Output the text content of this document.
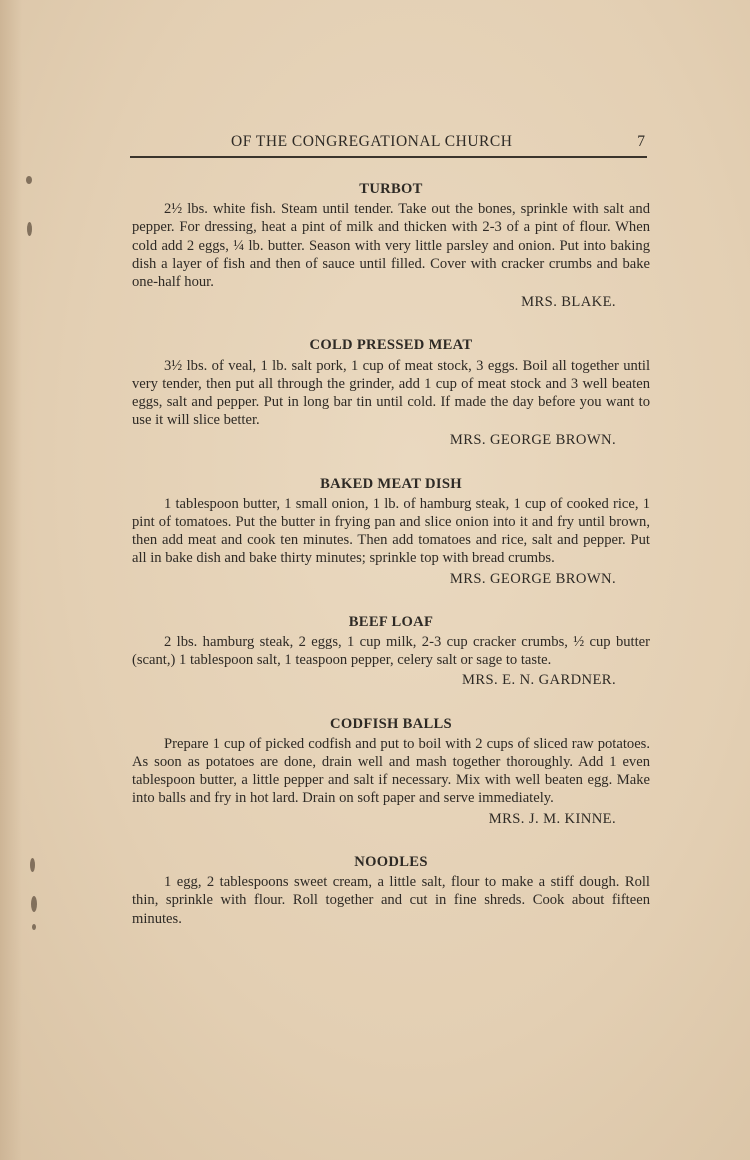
OF THE CONGREGATIONAL CHURCH	7

TURBOT

2½ lbs. white fish. Steam until tender. Take out the bones, sprinkle with salt and pepper. For dressing, heat a pint of milk and thicken with 2-3 of a pint of flour. When cold add 2 eggs, ¼ lb. butter. Season with very little parsley and onion. Put into baking dish a layer of fish and then of sauce until filled. Cover with cracker crumbs and bake one-half hour.

MRS. BLAKE.

COLD PRESSED MEAT

3½ lbs. of veal, 1 lb. salt pork, 1 cup of meat stock, 3 eggs. Boil all together until very tender, then put all through the grinder, add 1 cup of meat stock and 3 well beaten eggs, salt and pepper. Put in long bar tin until cold. If made the day before you want to use it will slice better.

MRS. GEORGE BROWN.

BAKED MEAT DISH

1 tablespoon butter, 1 small onion, 1 lb. of hamburg steak, 1 cup of cooked rice, 1 pint of tomatoes. Put the butter in frying pan and slice onion into it and fry until brown, then add meat and cook ten minutes. Then add tomatoes and rice, salt and pepper. Put all in bake dish and bake thirty minutes; sprinkle top with bread crumbs.

MRS. GEORGE BROWN.

BEEF LOAF

2 lbs. hamburg steak, 2 eggs, 1 cup milk, 2-3 cup cracker crumbs, ½ cup butter (scant,) 1 tablespoon salt, 1 teaspoon pepper, celery salt or sage to taste.

MRS. E. N. GARDNER.

CODFISH BALLS

Prepare 1 cup of picked codfish and put to boil with 2 cups of sliced raw potatoes. As soon as potatoes are done, drain well and mash together thoroughly. Add 1 even tablespoon butter, a little pepper and salt if necessary. Mix with well beaten egg. Make into balls and fry in hot lard. Drain on soft paper and serve immediately.

MRS. J. M. KINNE.

NOODLES

1 egg, 2 tablespoons sweet cream, a little salt, flour to make a stiff dough. Roll thin, sprinkle with flour. Roll together and cut in fine shreds. Cook about fifteen minutes.
